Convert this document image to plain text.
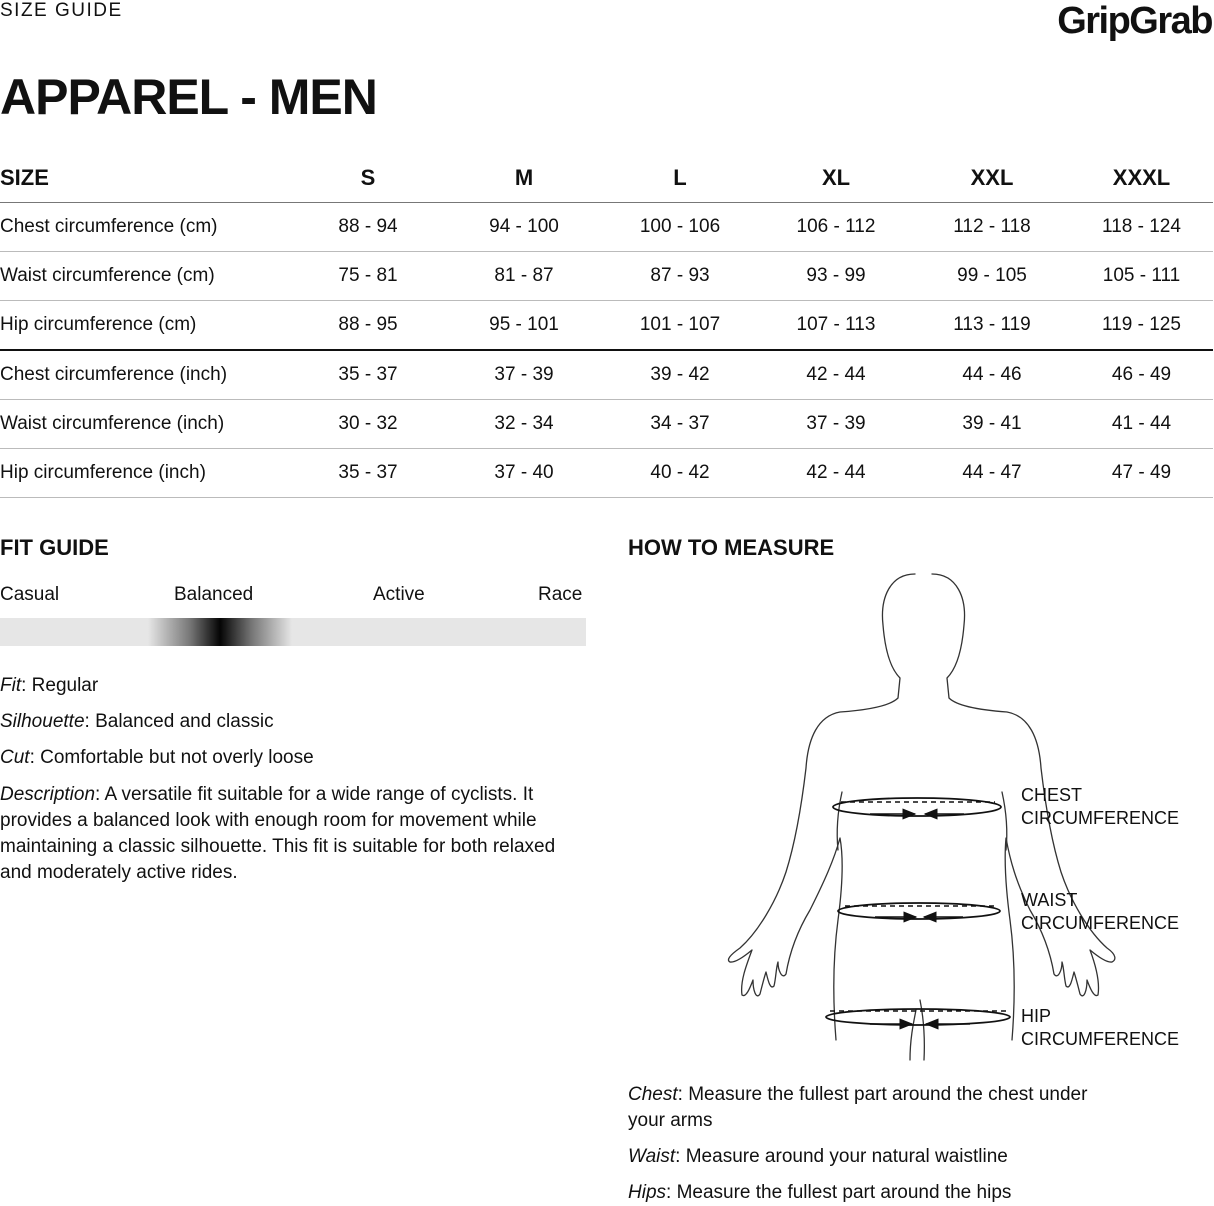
SIZE GUIDE	GripGrab
APPAREL - MEN
SIZE	S	M	L	XL	XXL	XXXL
Chest circumference (cm)	88 - 94	94 - 100	100 - 106	106 - 112	112 - 118	118 - 124
Waist circumference (cm)	75 - 81	81 - 87	87 - 93	93 - 99	99 - 105	105 - 111
Hip circumference (cm)	88 - 95	95 - 101	101 - 107	107 - 113	113 - 119	119 - 125
Chest circumference (inch)	35 - 37	37 - 39	39 - 42	42 - 44	44 - 46	46 - 49
Waist circumference (inch)	30 - 32	32 - 34	34 - 37	37 - 39	39 - 41	41 - 44
Hip circumference (inch)	35 - 37	37 - 40	40 - 42	42 - 44	44 - 47	47 - 49
FIT GUIDE
Casual	Balanced	Active	Race

Fit: Regular

Silhouette: Balanced and classic

Cut: Comfortable but not overly loose

Description: A versatile fit suitable for a wide range of cyclists. It provides a balanced look with enough room for movement while maintaining a classic silhouette. This fit is suitable for both relaxed and moderately active rides.

HOW TO MEASURE
CHEST
CIRCUMFERENCE
WAIST
CIRCUMFERENCE
HIP
CIRCUMFERENCE

Chest: Measure the fullest part around the chest under your arms

Waist: Measure around your natural waistline

Hips: Measure the fullest part around the hips
